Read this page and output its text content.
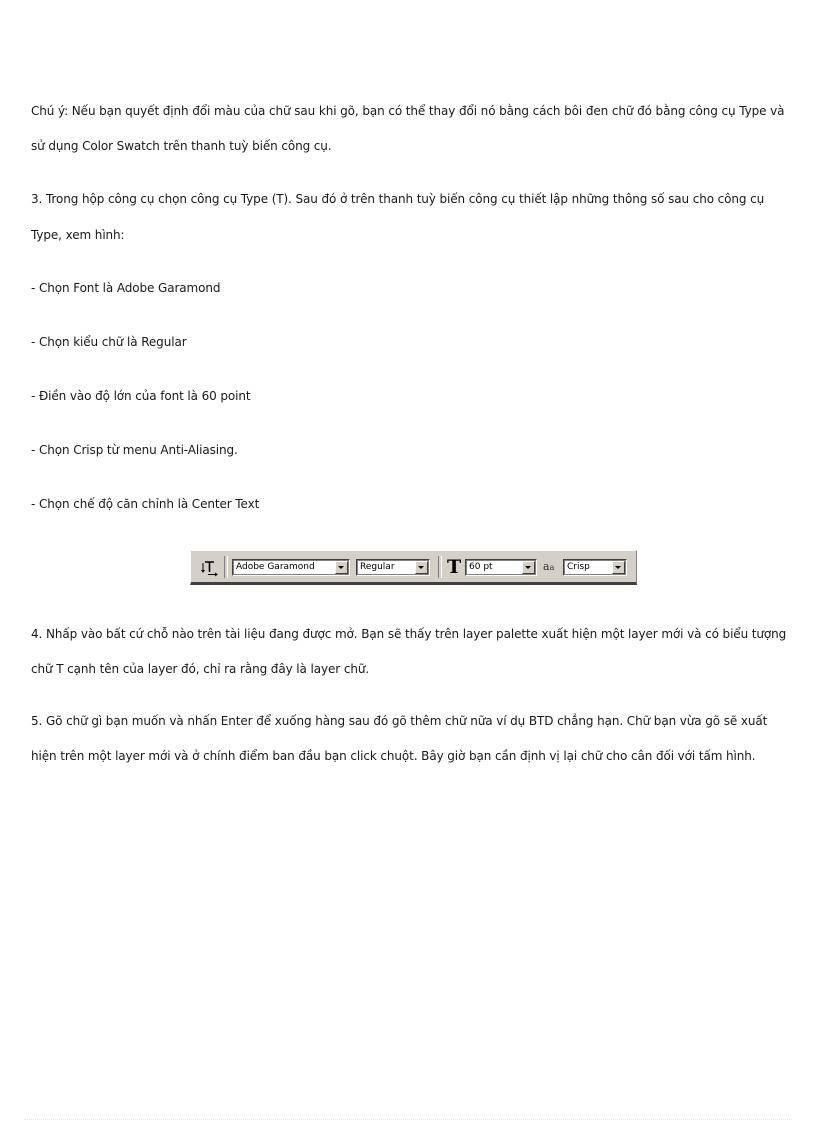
Chú ý: Nếu bạn quyết định đổi màu của chữ sau khi gõ, bạn có thể thay đổi nó bằng cách bôi đen chữ đó bằng công cụ Type và
sử dụng Color Swatch trên thanh tuỳ biến công cụ.
3. Trong hộp công cụ chọn công cụ Type (T). Sau đó ở trên thanh tuỳ biến công cụ thiết lập những thông số sau cho công cụ
Type, xem hình:
- Chọn Font là Adobe Garamond
- Chọn kiểu chữ là Regular
- Điền vào độ lớn của font là 60 point
- Chọn Crisp từ menu Anti-Aliasing.
- Chọn chế độ căn chỉnh là Center Text
Adobe Garamond	Regular	T 60 pt	aa Crisp
4. Nhấp vào bất cứ chỗ nào trên tài liệu đang được mở. Bạn sẽ thấy trên layer palette xuất hiện một layer mới và có biểu tượng
chữ T cạnh tên của layer đó, chỉ ra rằng đây là layer chữ.
5. Gõ chữ gì bạn muốn và nhấn Enter để xuống hàng sau đó gõ thêm chữ nữa ví dụ BTD chẳng hạn. Chữ bạn vừa gõ sẽ xuất
hiện trên một layer mới và ở chính điểm ban đầu bạn click chuột. Bây giờ bạn cần định vị lại chữ cho cân đối với tấm hình.
